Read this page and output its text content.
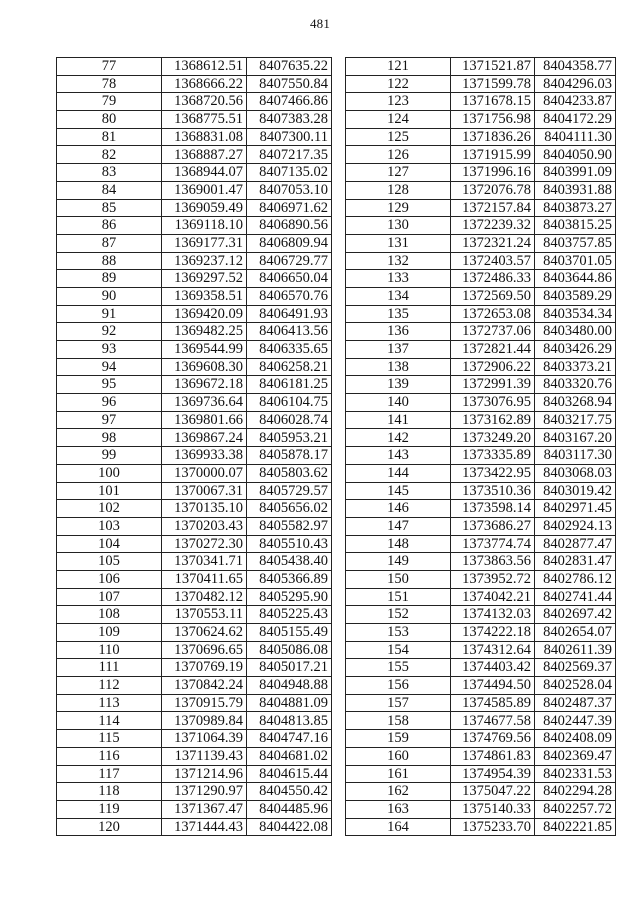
481
77	1368612.51	8407635.22
78	1368666.22	8407550.84
79	1368720.56	8407466.86
80	1368775.51	8407383.28
81	1368831.08	8407300.11
82	1368887.27	8407217.35
83	1368944.07	8407135.02
84	1369001.47	8407053.10
85	1369059.49	8406971.62
86	1369118.10	8406890.56
87	1369177.31	8406809.94
88	1369237.12	8406729.77
89	1369297.52	8406650.04
90	1369358.51	8406570.76
91	1369420.09	8406491.93
92	1369482.25	8406413.56
93	1369544.99	8406335.65
94	1369608.30	8406258.21
95	1369672.18	8406181.25
96	1369736.64	8406104.75
97	1369801.66	8406028.74
98	1369867.24	8405953.21
99	1369933.38	8405878.17
100	1370000.07	8405803.62
101	1370067.31	8405729.57
102	1370135.10	8405656.02
103	1370203.43	8405582.97
104	1370272.30	8405510.43
105	1370341.71	8405438.40
106	1370411.65	8405366.89
107	1370482.12	8405295.90
108	1370553.11	8405225.43
109	1370624.62	8405155.49
110	1370696.65	8405086.08
111	1370769.19	8405017.21
112	1370842.24	8404948.88
113	1370915.79	8404881.09
114	1370989.84	8404813.85
115	1371064.39	8404747.16
116	1371139.43	8404681.02
117	1371214.96	8404615.44
118	1371290.97	8404550.42
119	1371367.47	8404485.96
120	1371444.43	8404422.08
121	1371521.87	8404358.77
122	1371599.78	8404296.03
123	1371678.15	8404233.87
124	1371756.98	8404172.29
125	1371836.26	8404111.30
126	1371915.99	8404050.90
127	1371996.16	8403991.09
128	1372076.78	8403931.88
129	1372157.84	8403873.27
130	1372239.32	8403815.25
131	1372321.24	8403757.85
132	1372403.57	8403701.05
133	1372486.33	8403644.86
134	1372569.50	8403589.29
135	1372653.08	8403534.34
136	1372737.06	8403480.00
137	1372821.44	8403426.29
138	1372906.22	8403373.21
139	1372991.39	8403320.76
140	1373076.95	8403268.94
141	1373162.89	8403217.75
142	1373249.20	8403167.20
143	1373335.89	8403117.30
144	1373422.95	8403068.03
145	1373510.36	8403019.42
146	1373598.14	8402971.45
147	1373686.27	8402924.13
148	1373774.74	8402877.47
149	1373863.56	8402831.47
150	1373952.72	8402786.12
151	1374042.21	8402741.44
152	1374132.03	8402697.42
153	1374222.18	8402654.07
154	1374312.64	8402611.39
155	1374403.42	8402569.37
156	1374494.50	8402528.04
157	1374585.89	8402487.37
158	1374677.58	8402447.39
159	1374769.56	8402408.09
160	1374861.83	8402369.47
161	1374954.39	8402331.53
162	1375047.22	8402294.28
163	1375140.33	8402257.72
164	1375233.70	8402221.85
